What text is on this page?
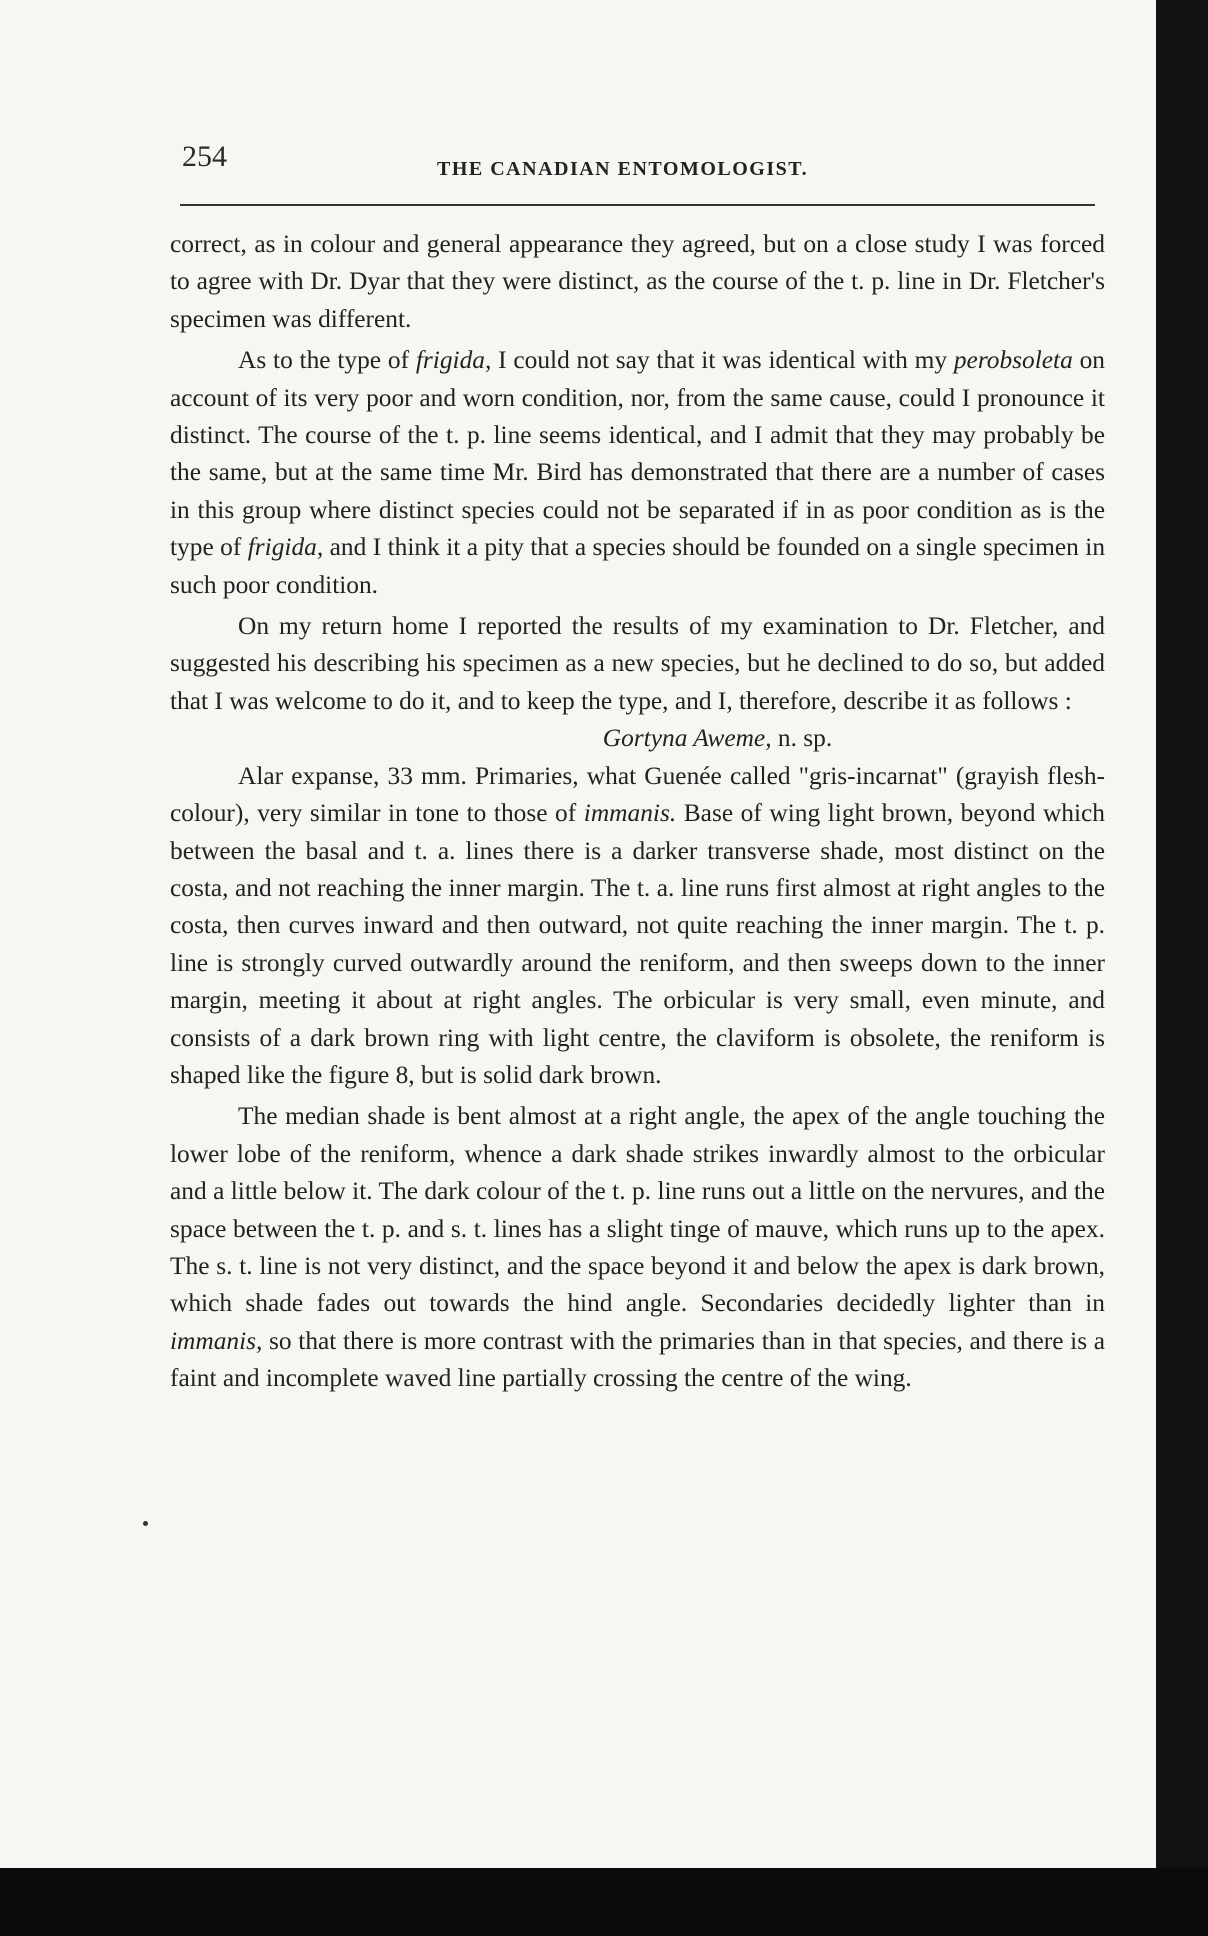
254	THE CANADIAN ENTOMOLOGIST.

correct, as in colour and general appearance they agreed, but on a close study I was forced to agree with Dr. Dyar that they were distinct, as the course of the t. p. line in Dr. Fletcher's specimen was different.

As to the type of frigida, I could not say that it was identical with my perobsoleta on account of its very poor and worn condition, nor, from the same cause, could I pronounce it distinct. The course of the t. p. line seems identical, and I admit that they may probably be the same, but at the same time Mr. Bird has demonstrated that there are a number of cases in this group where distinct species could not be separated if in as poor condition as is the type of frigida, and I think it a pity that a species should be founded on a single specimen in such poor condition.

On my return home I reported the results of my examination to Dr. Fletcher, and suggested his describing his specimen as a new species, but he declined to do so, but added that I was welcome to do it, and to keep the type, and I, therefore, describe it as follows :

Gortyna Aweme, n. sp.

Alar expanse, 33 mm. Primaries, what Guenée called "gris-incarnat" (grayish flesh-colour), very similar in tone to those of immanis. Base of wing light brown, beyond which between the basal and t. a. lines there is a darker transverse shade, most distinct on the costa, and not reaching the inner margin. The t. a. line runs first almost at right angles to the costa, then curves inward and then outward, not quite reaching the inner margin. The t. p. line is strongly curved outwardly around the reniform, and then sweeps down to the inner margin, meeting it about at right angles. The orbicular is very small, even minute, and consists of a dark brown ring with light centre, the claviform is obsolete, the reniform is shaped like the figure 8, but is solid dark brown.

The median shade is bent almost at a right angle, the apex of the angle touching the lower lobe of the reniform, whence a dark shade strikes inwardly almost to the orbicular and a little below it. The dark colour of the t. p. line runs out a little on the nervures, and the space between the t. p. and s. t. lines has a slight tinge of mauve, which runs up to the apex. The s. t. line is not very distinct, and the space beyond it and below the apex is dark brown, which shade fades out towards the hind angle. Secondaries decidedly lighter than in immanis, so that there is more contrast with the primaries than in that species, and there is a faint and incomplete waved line partially crossing the centre of the wing.
